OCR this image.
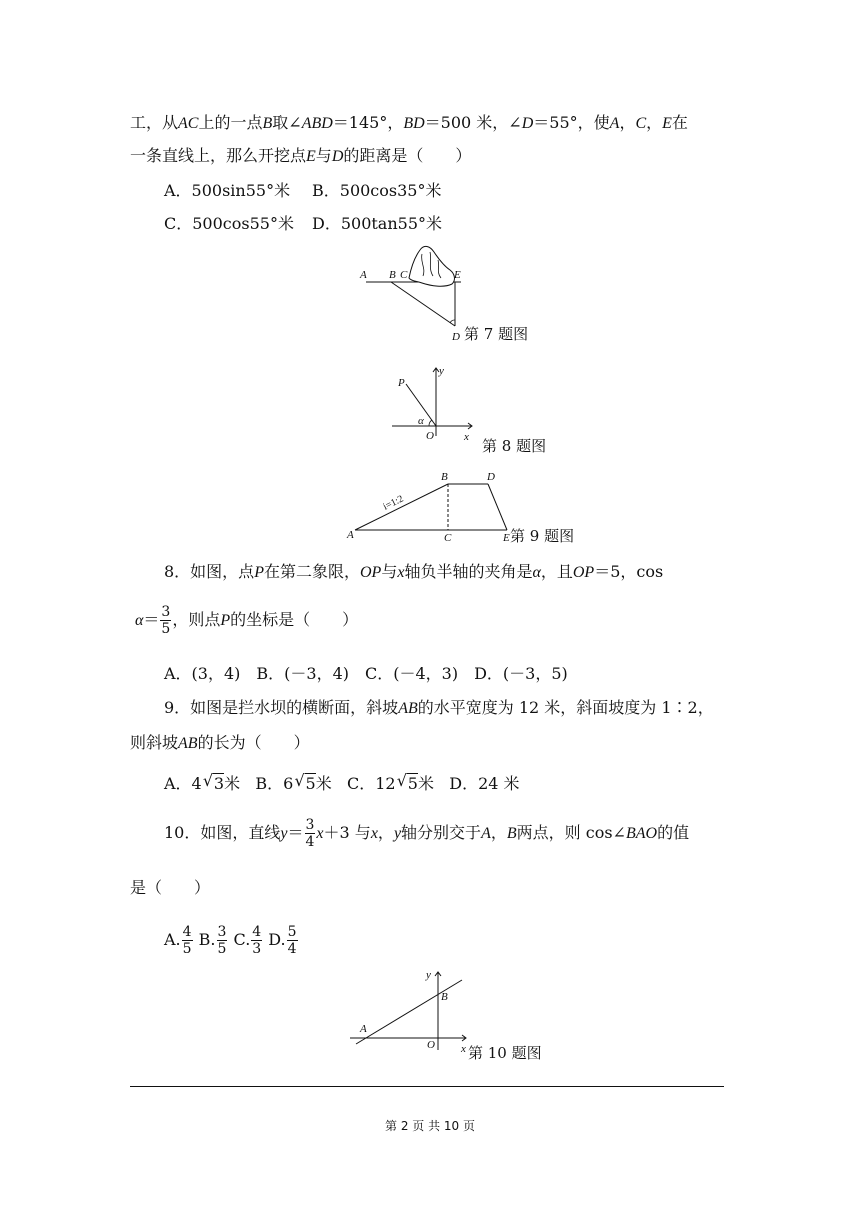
工，从AC上的一点B取∠ABD＝145°，BD＝500 米，∠D＝55°，使A，C，E在
一条直线上，那么开挖点E与D的距离是（　　）
A．500sin55°米 B．500cos35°米
C．500cos55°米 D．500tan55°米
A B C	E
D 第 7 题图
P
y
x
O
α
第 8 题图
A
B
C
D
E
i=1:2
第 9 题图
8．如图，点P在第二象限，OP与x轴负半轴的夹角是α，且OP＝5，cos
$\alpha= \frac{3}{5}$ ，则点P的坐标是（　　）
A．(3，4)　B．(－3，4)　C．(－4，3)　D．(－3，5)
9．如图是拦水坝的横断面，斜坡AB的水平宽度为 12 米，斜面坡度为 1∶2，
则斜坡AB的长为（　　）
A．4 √ 3米 B．6 √ 5米 C．12 √ 5米 D．24 米
10．如图，直线$y= \frac{3}{4} x+3$ 与x，y轴分别交于A，B两点，则 cos∠BAO的值
是（　　）
A. $\frac{4}{5} B$. $\frac{3}{5} C$. $\frac{4}{3} D$. $\frac{5}{4}$
y
B
A
O x 第 10 题图
第 2 页 共 10 页
